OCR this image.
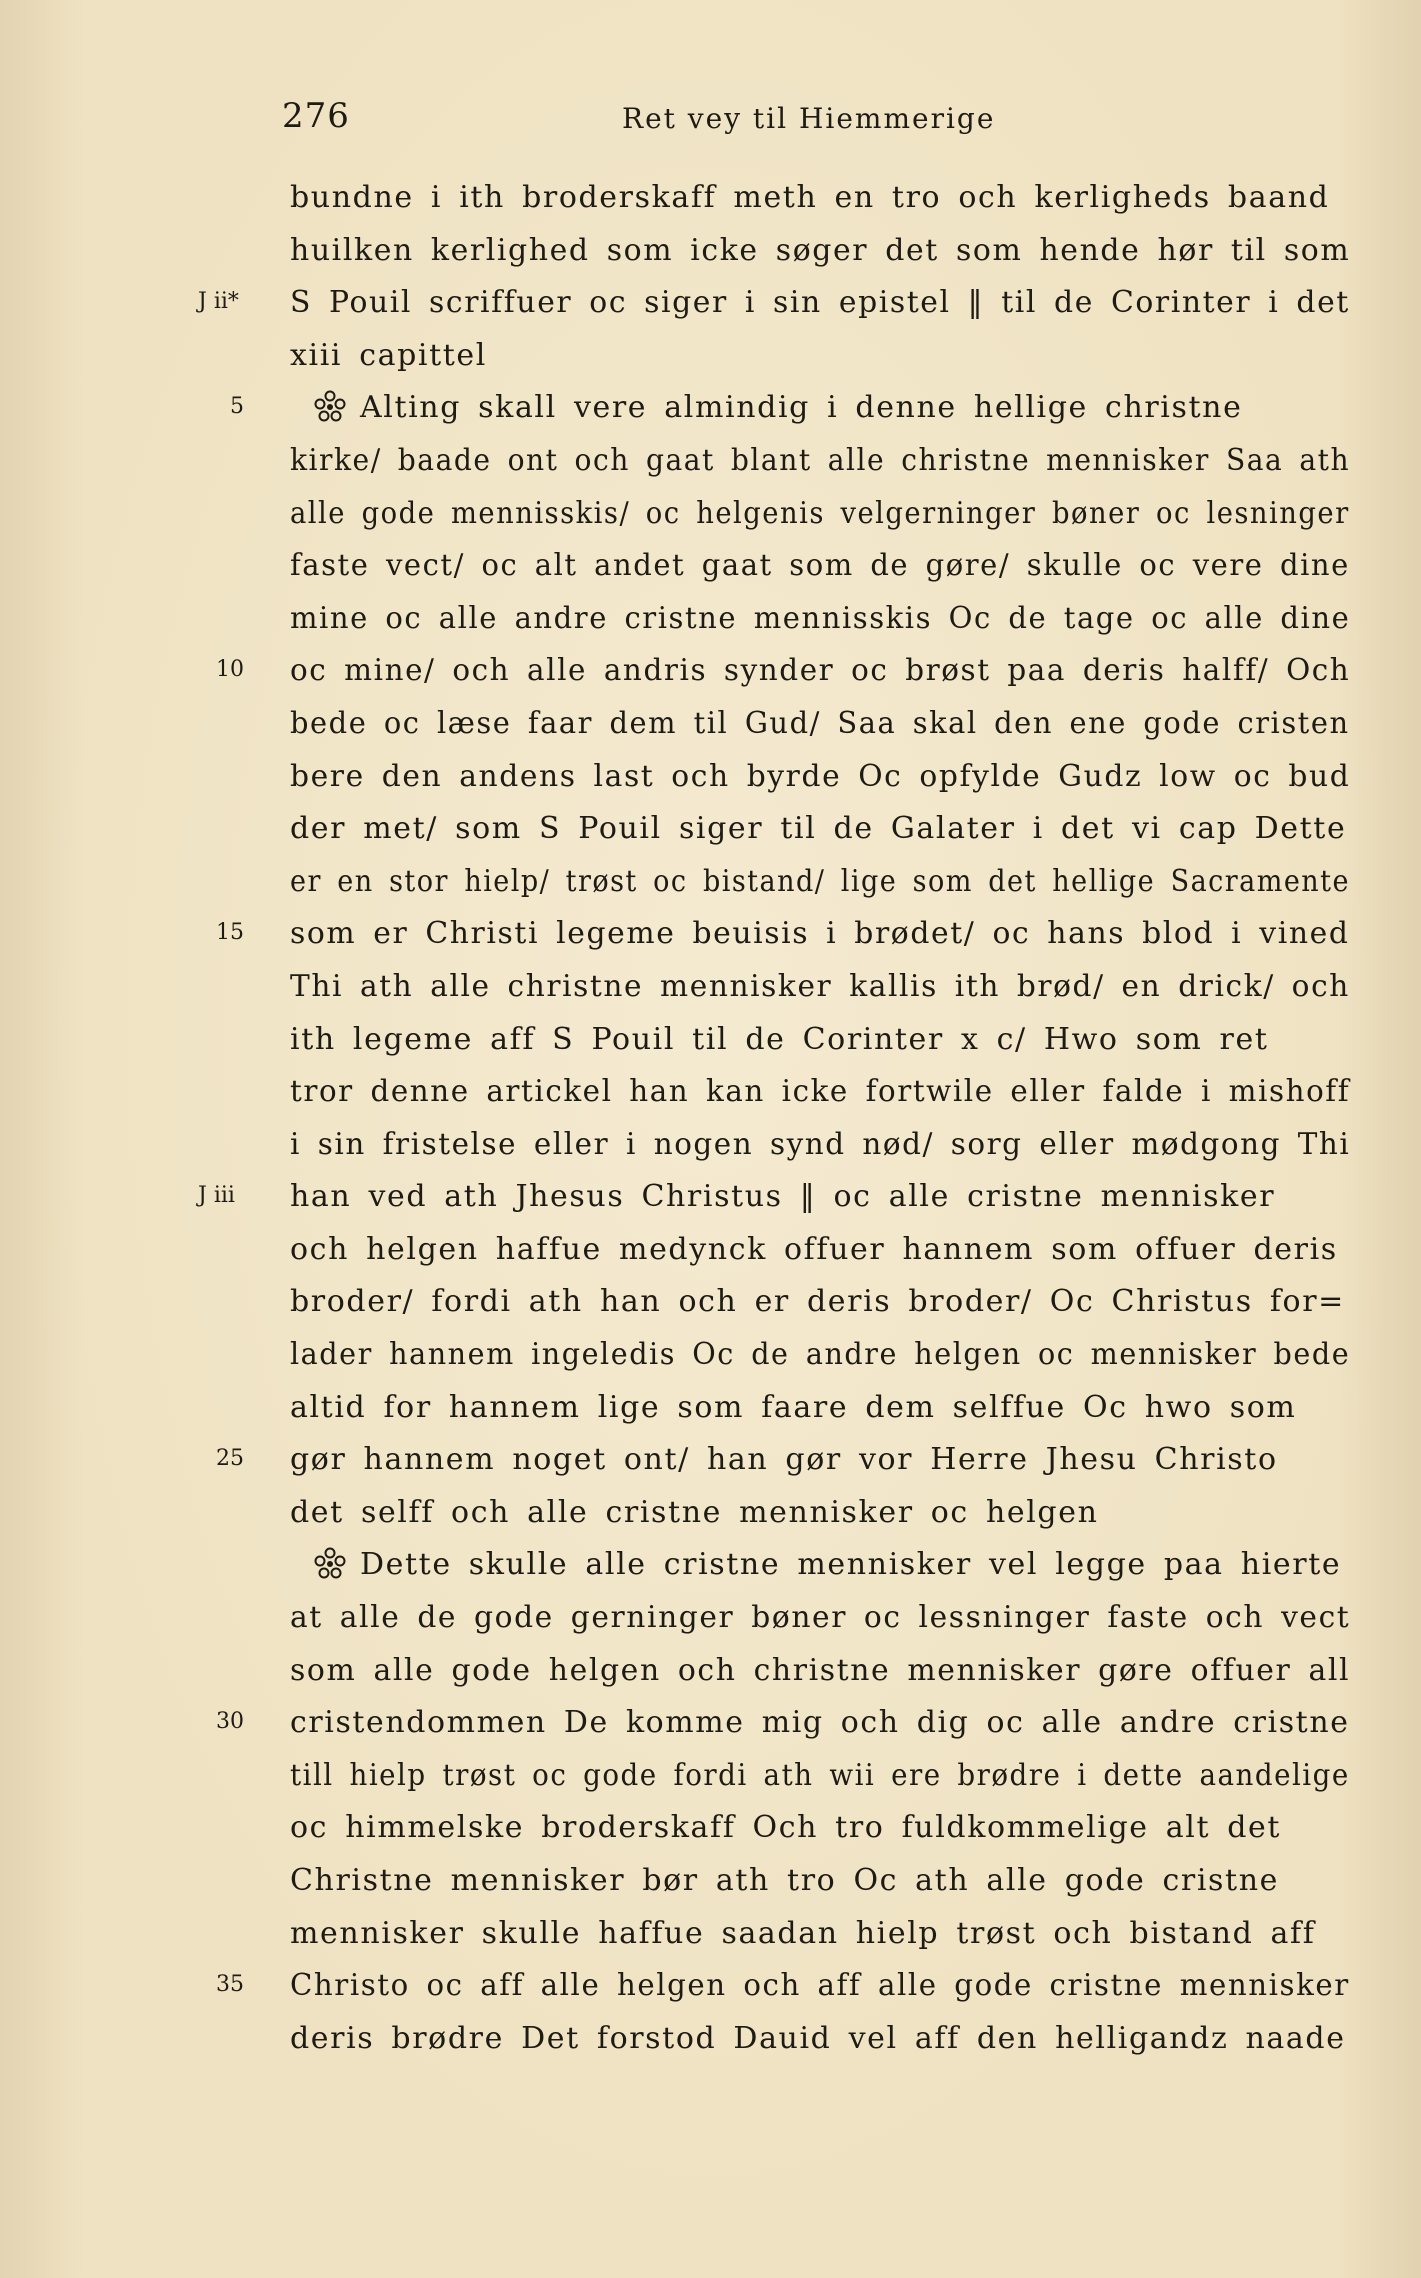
276	Ret vey til Hiemmerige
bundne i ith broderskaff meth en tro och kerligheds baand
huilken kerlighed som icke søger det som hende hør til som
J ii* S Pouil scriffuer oc siger i sin epistel ‖ til de Corinter i det
xiii capittel
5	Alting skall vere almindig i denne hellige christne
kirke/ baade ont och gaat blant alle christne mennisker Saa ath
alle gode mennisskis/ oc helgenis velgerninger bøner oc lesninger
faste vect/ oc alt andet gaat som de gøre/ skulle oc vere dine
mine oc alle andre cristne mennisskis Oc de tage oc alle dine
10 oc mine/ och alle andris synder oc brøst paa deris halff/ Och
bede oc læse faar dem til Gud/ Saa skal den ene gode cristen
bere den andens last och byrde Oc opfylde Gudz low oc bud
der met/ som S Pouil siger til de Galater i det vi cap Dette
er en stor hielp/ trøst oc bistand/ lige som det hellige Sacramente
15 som er Christi legeme beuisis i brødet/ oc hans blod i vined
Thi ath alle christne mennisker kallis ith brød/ en drick/ och
ith legeme aff S Pouil til de Corinter x c/ Hwo som ret
tror denne artickel han kan icke fortwile eller falde i mishoff
i sin fristelse eller i nogen synd nød/ sorg eller mødgong Thi
J iii han ved ath Jhesus Christus ‖ oc alle cristne mennisker
och helgen haffue medynck offuer hannem som offuer deris
broder/ fordi ath han och er deris broder/ Oc Christus for=
lader hannem ingeledis Oc de andre helgen oc mennisker bede
altid for hannem lige som faare dem selffue Oc hwo som
25 gør hannem noget ont/ han gør vor Herre Jhesu Christo
det selff och alle cristne mennisker oc helgen
Dette skulle alle cristne mennisker vel legge paa hierte
at alle de gode gerninger bøner oc lessninger faste och vect
som alle gode helgen och christne mennisker gøre offuer all
30 cristendommen De komme mig och dig oc alle andre cristne
till hielp trøst oc gode fordi ath wii ere brødre i dette aandelige
oc himmelske broderskaff Och tro fuldkommelige alt det
Christne mennisker bør ath tro Oc ath alle gode cristne
mennisker skulle haffue saadan hielp trøst och bistand aff
35 Christo oc aff alle helgen och aff alle gode cristne mennisker
deris brødre Det forstod Dauid vel aff den helligandz naade
